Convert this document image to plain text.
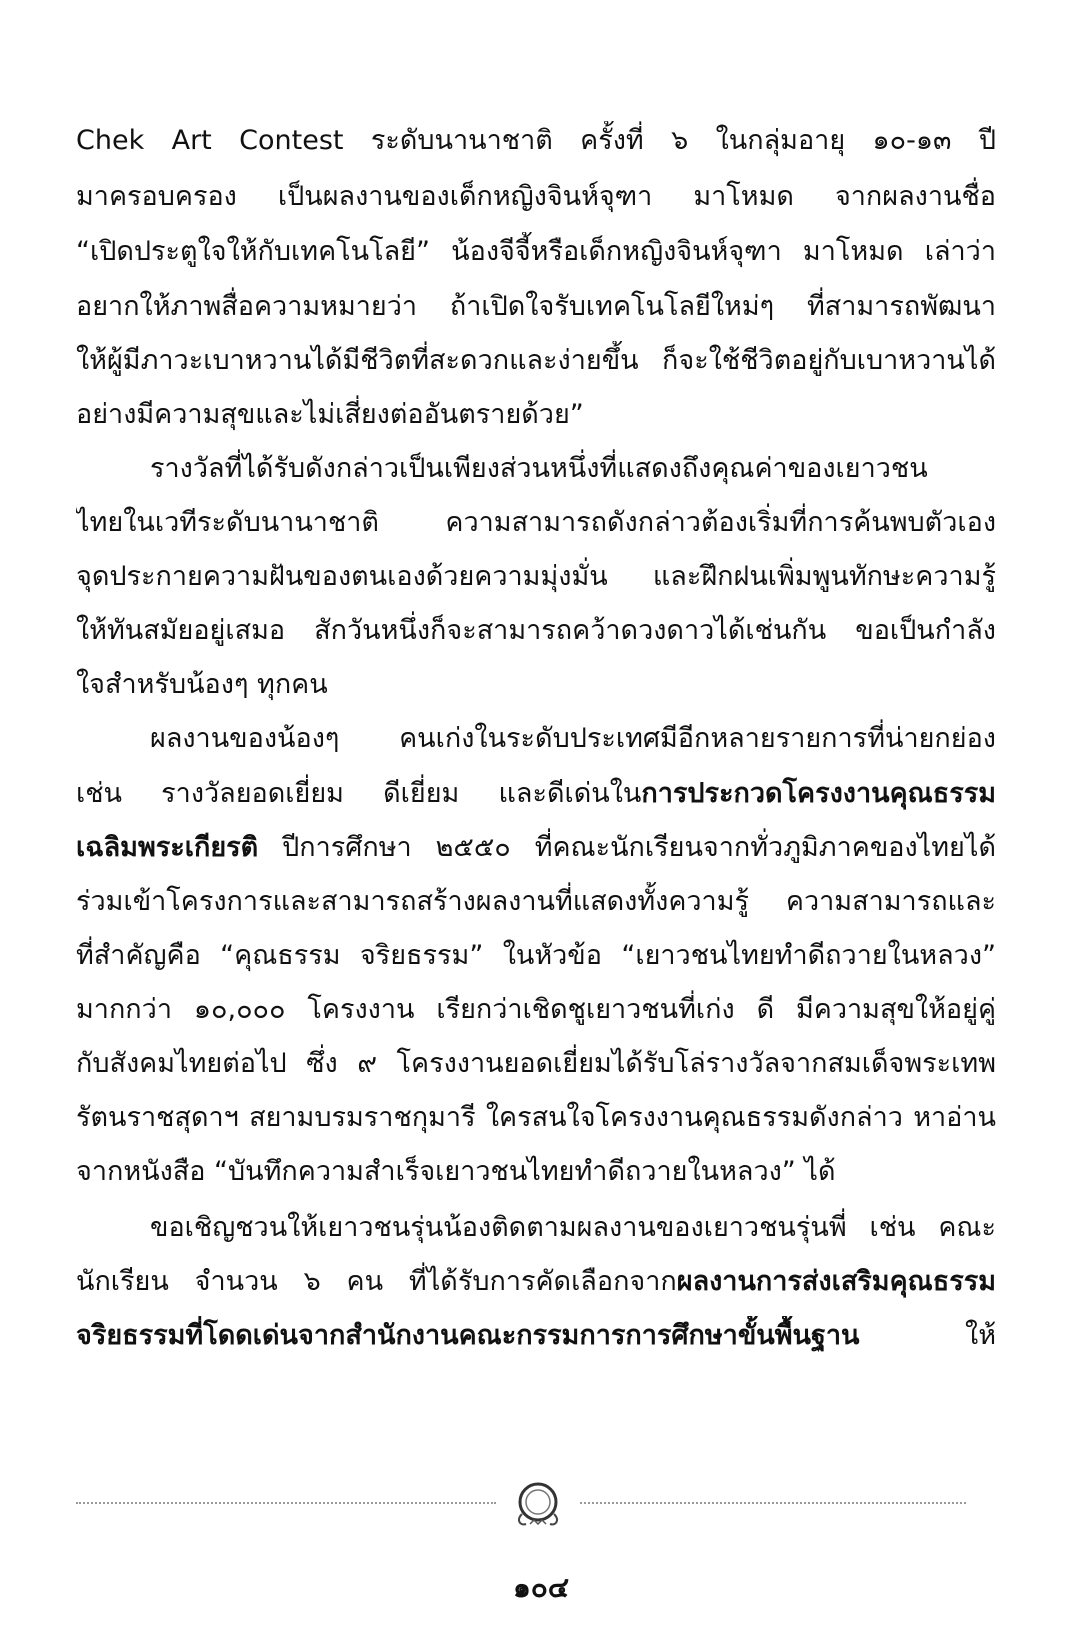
Chek Art Contest ระดับนานาชาติ ครั้งที่ ๖ ในกลุ่มอายุ ๑๐-๑๓ ปี
มาครอบครอง เป็นผลงานของเด็กหญิงจินห์จุฑา มาโหมด จากผลงานชื่อ
“เปิดประตูใจให้กับเทคโนโลยี” น้องจีจี้หรือเด็กหญิงจินห์จุฑา มาโหมด เล่าว่า
อยากให้ภาพสื่อความหมายว่า ถ้าเปิดใจรับเทคโนโลยีใหม่ๆ ที่สามารถพัฒนา
ให้ผู้มีภาวะเบาหวานได้มีชีวิตที่สะดวกและง่ายขึ้น ก็จะใช้ชีวิตอยู่กับเบาหวานได้
อย่างมีความสุขและไม่เสี่ยงต่ออันตรายด้วย”
รางวัลที่ได้รับดังกล่าวเป็นเพียงส่วนหนึ่งที่แสดงถึงคุณค่าของเยาวชน
ไทยในเวทีระดับนานาชาติ ความสามารถดังกล่าวต้องเริ่มที่การค้นพบตัวเอง
จุดประกายความฝันของตนเองด้วยความมุ่งมั่น และฝึกฝนเพิ่มพูนทักษะความรู้
ให้ทันสมัยอยู่เสมอ สักวันหนึ่งก็จะสามารถคว้าดวงดาวได้เช่นกัน ขอเป็นกำลัง
ใจสำหรับน้องๆ ทุกคน
ผลงานของน้องๆ คนเก่งในระดับประเทศมีอีกหลายรายการที่น่ายกย่อง
เช่น รางวัลยอดเยี่ยม ดีเยี่ยม และดีเด่นในการประกวดโครงงานคุณธรรม
เฉลิมพระเกียรติ ปีการศึกษา ๒๕๕๐ ที่คณะนักเรียนจากทั่วภูมิภาคของไทยได้
ร่วมเข้าโครงการและสามารถสร้างผลงานที่แสดงทั้งความรู้ ความสามารถและ
ที่สำคัญคือ “คุณธรรม จริยธรรม” ในหัวข้อ “เยาวชนไทยทำดีถวายในหลวง”
มากกว่า ๑๐,๐๐๐ โครงงาน เรียกว่าเชิดชูเยาวชนที่เก่ง ดี มีความสุขให้อยู่คู่
กับสังคมไทยต่อไป ซึ่ง ๙ โครงงานยอดเยี่ยมได้รับโล่รางวัลจากสมเด็จพระเทพ
รัตนราชสุดาฯ สยามบรมราชกุมารี ใครสนใจโครงงานคุณธรรมดังกล่าว หาอ่าน
จากหนังสือ “บันทึกความสำเร็จเยาวชนไทยทำดีถวายในหลวง” ได้
ขอเชิญชวนให้เยาวชนรุ่นน้องติดตามผลงานของเยาวชนรุ่นพี่ เช่น คณะ
นักเรียน จำนวน ๖ คน ที่ได้รับการคัดเลือกจากผลงานการส่งเสริมคุณธรรม
จริยธรรมที่โดดเด่นจากสำนักงานคณะกรรมการการศึกษาขั้นพื้นฐาน ให้
๑๐๔
